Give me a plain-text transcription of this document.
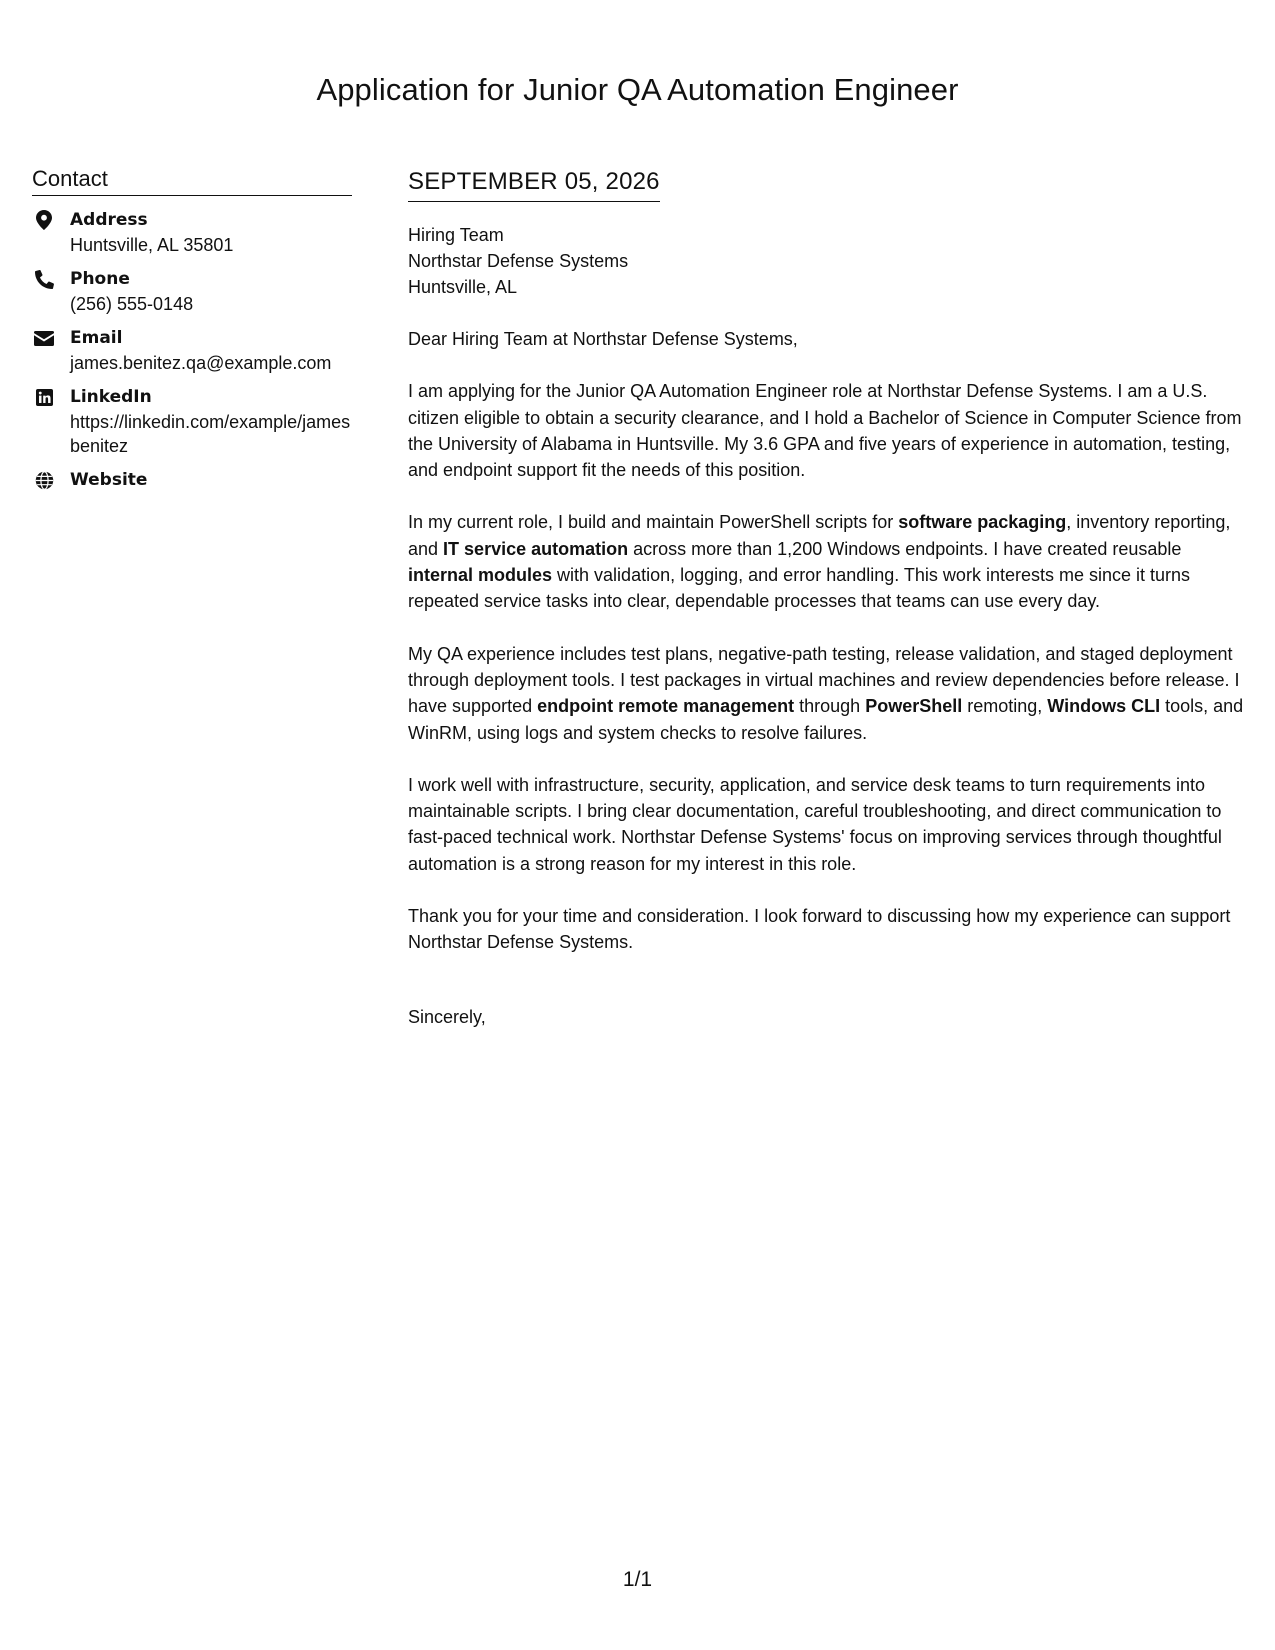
Application for Junior QA Automation Engineer
Contact
Address
Huntsville, AL 35801
Phone
(256) 555-0148
Email
james.benitez.qa@example.com
LinkedIn
https://linkedin.com/example/jamesbenitez
Website
SEPTEMBER 05, 2026
Hiring Team
Northstar Defense Systems
Huntsville, AL

Dear Hiring Team at Northstar Defense Systems,

I am applying for the Junior QA Automation Engineer role at Northstar Defense Systems. I am a U.S. citizen eligible to obtain a security clearance, and I hold a Bachelor of Science in Computer Science from the University of Alabama in Huntsville. My 3.6 GPA and five years of experience in automation, testing, and endpoint support fit the needs of this position.

In my current role, I build and maintain PowerShell scripts for software packaging, inventory reporting, and IT service automation across more than 1,200 Windows endpoints. I have created reusable internal modules with validation, logging, and error handling. This work interests me since it turns repeated service tasks into clear, dependable processes that teams can use every day.

My QA experience includes test plans, negative-path testing, release validation, and staged deployment through deployment tools. I test packages in virtual machines and review dependencies before release. I have supported endpoint remote management through PowerShell remoting, Windows CLI tools, and WinRM, using logs and system checks to resolve failures.

I work well with infrastructure, security, application, and service desk teams to turn requirements into maintainable scripts. I bring clear documentation, careful troubleshooting, and direct communication to fast-paced technical work. Northstar Defense Systems' focus on improving services through thoughtful automation is a strong reason for my interest in this role.

Thank you for your time and consideration. I look forward to discussing how my experience can support Northstar Defense Systems.

Sincerely,

1/1
